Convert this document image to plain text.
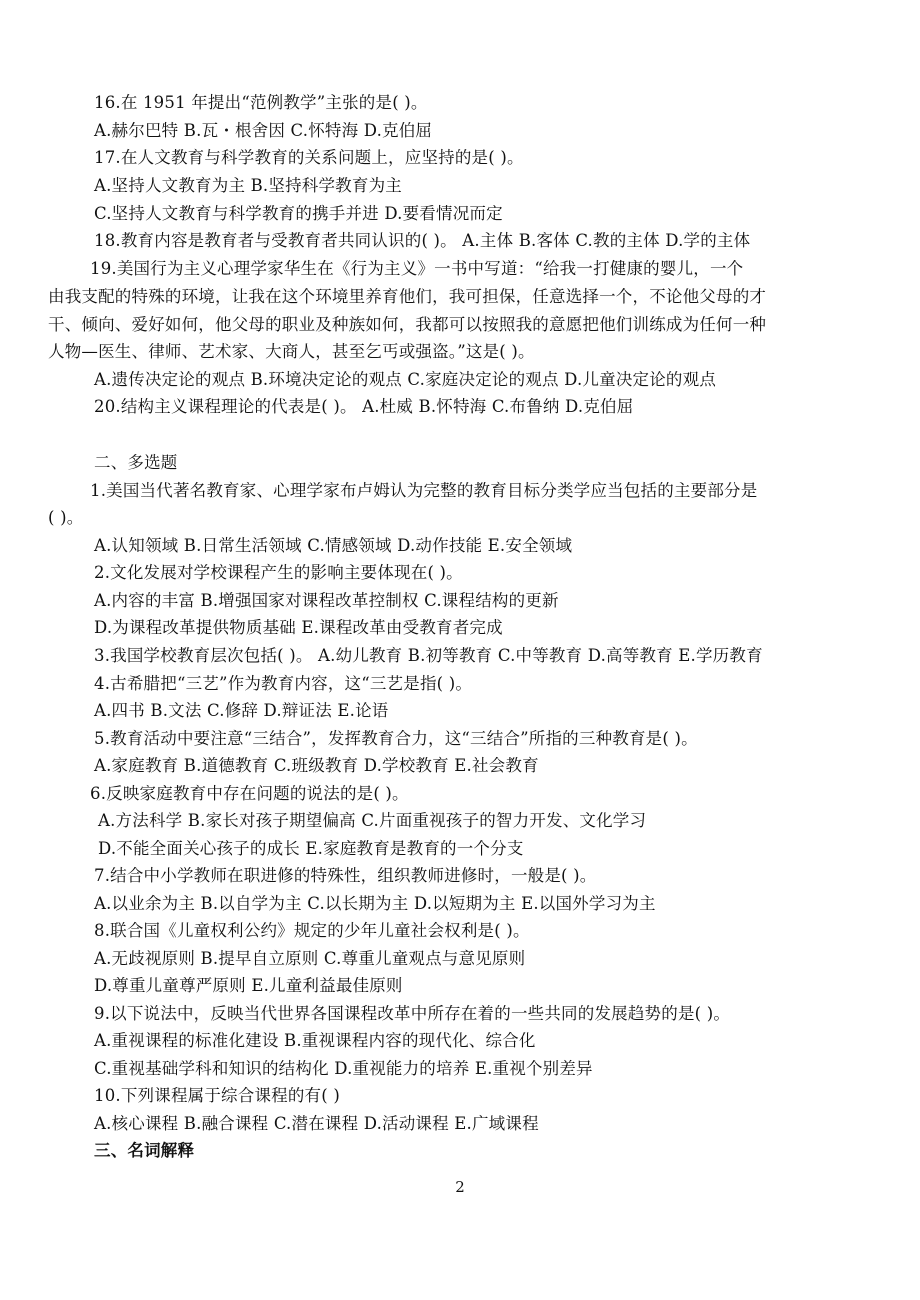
16.在 1951 年提出“范例教学”主张的是( )。
A.赫尔巴特 B.瓦・根舍因 C.怀特海 D.克伯屈
17.在人文教育与科学教育的关系问题上，应坚持的是( )。
A.坚持人文教育为主 B.坚持科学教育为主
C.坚持人文教育与科学教育的携手并进 D.要看情况而定
18.教育内容是教育者与受教育者共同认识的( )。 A.主体 B.客体 C.教的主体 D.学的主体
19.美国行为主义心理学家华生在《行为主义》一书中写道：“给我一打健康的婴儿，一个
由我支配的特殊的环境，让我在这个环境里养育他们，我可担保，任意选择一个，不论他父母的才
干、倾向、爱好如何，他父母的职业及种族如何，我都可以按照我的意愿把他们训练成为任何一种
人物—医生、律师、艺术家、大商人，甚至乞丐或强盗。”这是( )。
A.遗传决定论的观点 B.环境决定论的观点 C.家庭决定论的观点 D.儿童决定论的观点
20.结构主义课程理论的代表是( )。 A.杜威 B.怀特海 C.布鲁纳 D.克伯屈
二、多选题
1.美国当代著名教育家、心理学家布卢姆认为完整的教育目标分类学应当包括的主要部分是
( )。
A.认知领域 B.日常生活领域 C.情感领域 D.动作技能 E.安全领域
2.文化发展对学校课程产生的影响主要体现在( )。
A.内容的丰富 B.增强国家对课程改革控制权 C.课程结构的更新
D.为课程改革提供物质基础 E.课程改革由受教育者完成
3.我国学校教育层次包括( )。 A.幼儿教育 B.初等教育 C.中等教育 D.高等教育 E.学历教育
4.古希腊把“三艺”作为教育内容，这“三艺是指( )。
A.四书 B.文法 C.修辞 D.辩证法 E.论语
5.教育活动中要注意“三结合”，发挥教育合力，这“三结合”所指的三种教育是( )。
A.家庭教育 B.道德教育 C.班级教育 D.学校教育 E.社会教育
6.反映家庭教育中存在问题的说法的是( )。
A.方法科学 B.家长对孩子期望偏高 C.片面重视孩子的智力开发、文化学习
D.不能全面关心孩子的成长 E.家庭教育是教育的一个分支
7.结合中小学教师在职进修的特殊性，组织教师进修时，一般是( )。
A.以业余为主 B.以自学为主 C.以长期为主 D.以短期为主 E.以国外学习为主
8.联合国《儿童权利公约》规定的少年儿童社会权利是( )。
A.无歧视原则 B.提早自立原则 C.尊重儿童观点与意见原则
D.尊重儿童尊严原则 E.儿童利益最佳原则
9.以下说法中，反映当代世界各国课程改革中所存在着的一些共同的发展趋势的是( )。
A.重视课程的标准化建设 B.重视课程内容的现代化、综合化
C.重视基础学科和知识的结构化 D.重视能力的培养 E.重视个别差异
10.下列课程属于综合课程的有( )
A.核心课程 B.融合课程 C.潜在课程 D.活动课程 E.广域课程
三、名词解释
2
